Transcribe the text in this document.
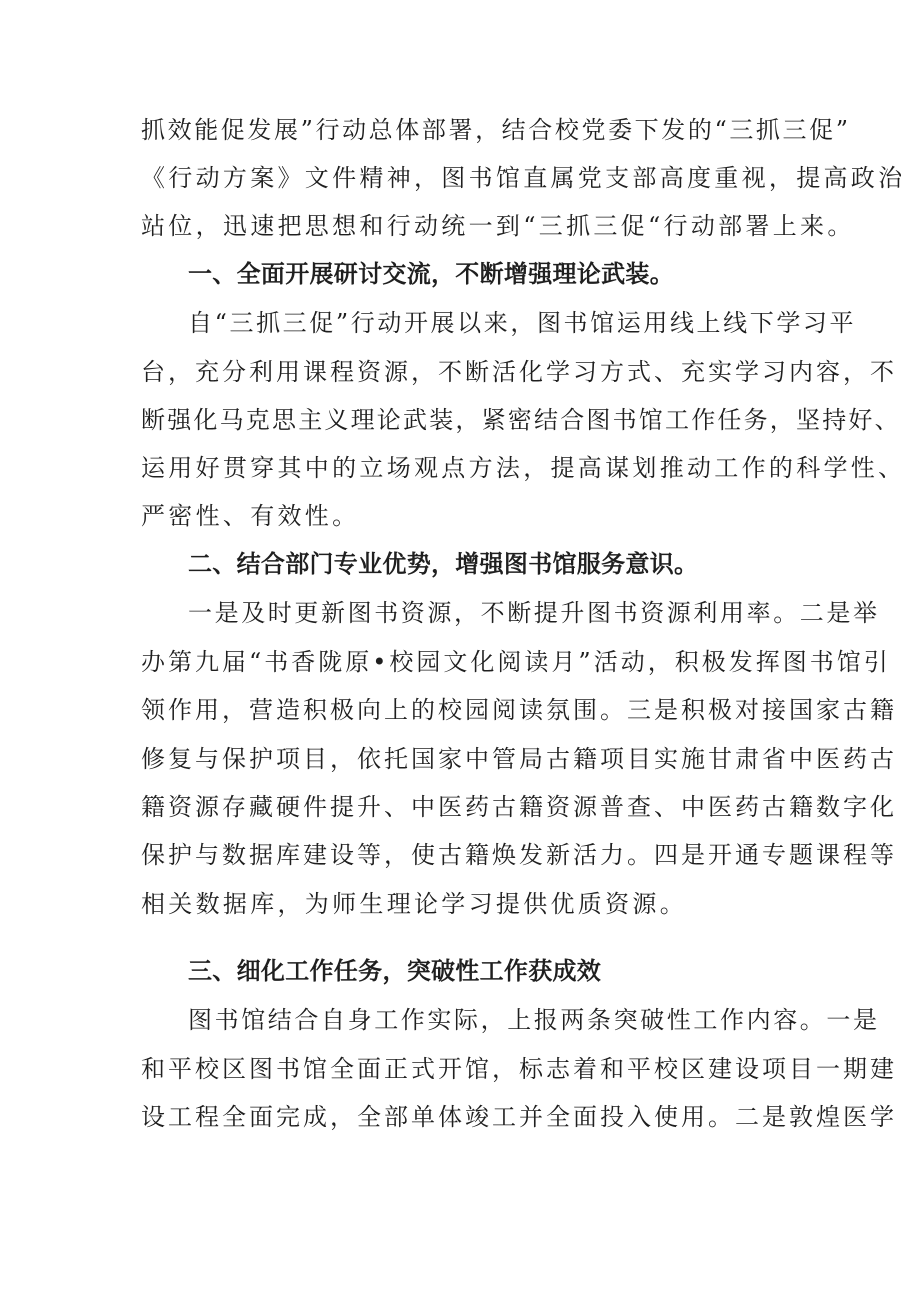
抓效能促发展”行动总体部署，结合校党委下发的“三抓三促”

《行动方案》文件精神，图书馆直属党支部高度重视，提高政治

站位，迅速把思想和行动统一到“三抓三促“行动部署上来。

一、全面开展研讨交流，不断增强理论武装。

自“三抓三促”行动开展以来，图书馆运用线上线下学习平

台，充分利用课程资源，不断活化学习方式、充实学习内容，不

断强化马克思主义理论武装，紧密结合图书馆工作任务，坚持好、

运用好贯穿其中的立场观点方法，提高谋划推动工作的科学性、

严密性、有效性。

二、结合部门专业优势，增强图书馆服务意识。

一是及时更新图书资源，不断提升图书资源利用率。二是举

办第九届“书香陇原•校园文化阅读月”活动，积极发挥图书馆引

领作用，营造积极向上的校园阅读氛围。三是积极对接国家古籍

修复与保护项目，依托国家中管局古籍项目实施甘肃省中医药古

籍资源存藏硬件提升、中医药古籍资源普查、中医药古籍数字化

保护与数据库建设等，使古籍焕发新活力。四是开通专题课程等

相关数据库，为师生理论学习提供优质资源。

三、细化工作任务，突破性工作获成效

图书馆结合自身工作实际，上报两条突破性工作内容。一是

和平校区图书馆全面正式开馆，标志着和平校区建设项目一期建

设工程全面完成，全部单体竣工并全面投入使用。二是敦煌医学
